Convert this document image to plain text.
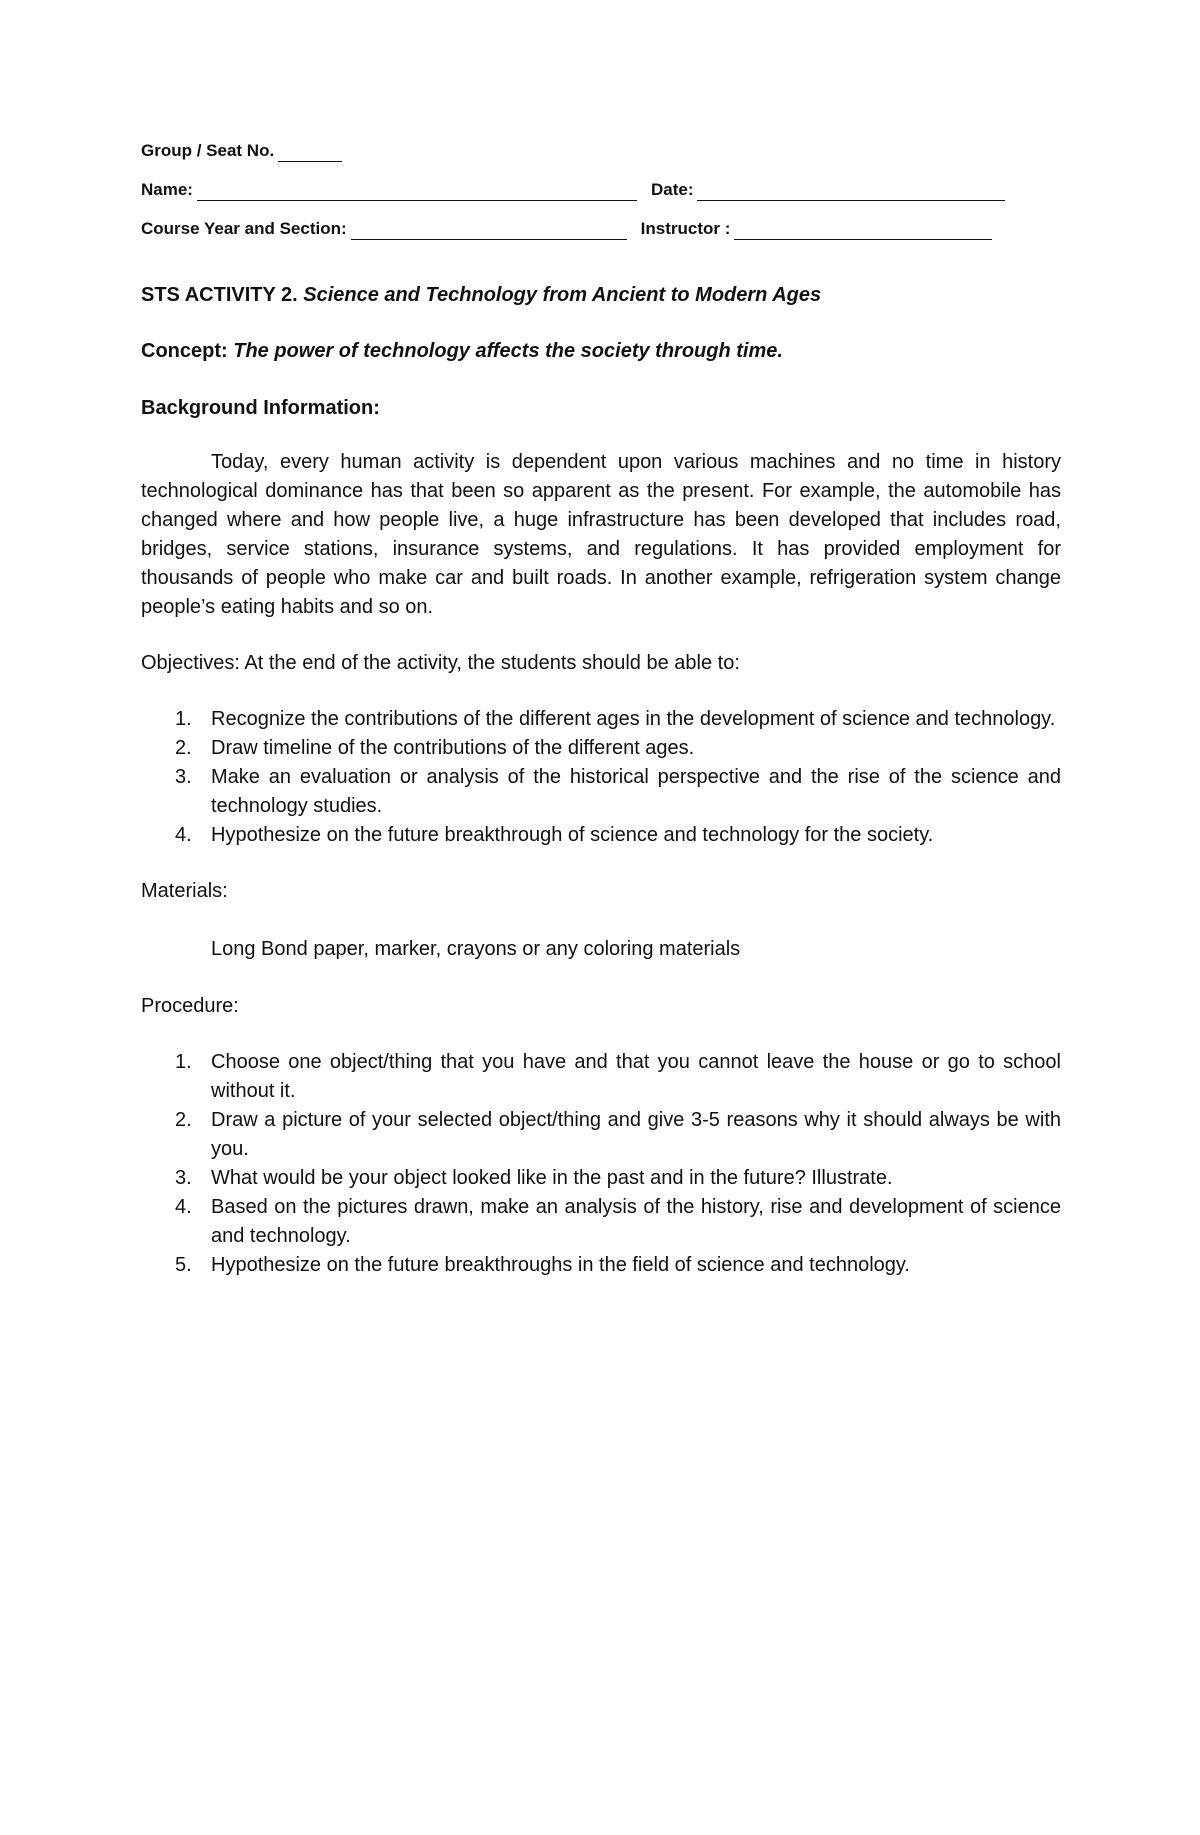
Group / Seat No.
Name:	Date:
Course Year and Section:	Instructor :
STS ACTIVITY 2. Science and Technology from Ancient to Modern Ages
Concept: The power of technology affects the society through time.
Background Information:
Today, every human activity is dependent upon various machines and no time in history technological dominance has that been so apparent as the present. For example, the automobile has changed where and how people live, a huge infrastructure has been developed that includes road, bridges, service stations, insurance systems, and regulations. It has provided employment for thousands of people who make car and built roads. In another example, refrigeration system change people’s eating habits and so on.
Objectives: At the end of the activity, the students should be able to:
1. Recognize the contributions of the different ages in the development of science and technology.
2. Draw timeline of the contributions of the different ages.
3. Make an evaluation or analysis of the historical perspective and the rise of the science and technology studies.
4. Hypothesize on the future breakthrough of science and technology for the society.
Materials:
Long Bond paper, marker, crayons or any coloring materials
Procedure:
1. Choose one object/thing that you have and that you cannot leave the house or go to school without it.
2. Draw a picture of your selected object/thing and give 3-5 reasons why it should always be with you.
3. What would be your object looked like in the past and in the future? Illustrate.
4. Based on the pictures drawn, make an analysis of the history, rise and development of science and technology.
5. Hypothesize on the future breakthroughs in the field of science and technology.
